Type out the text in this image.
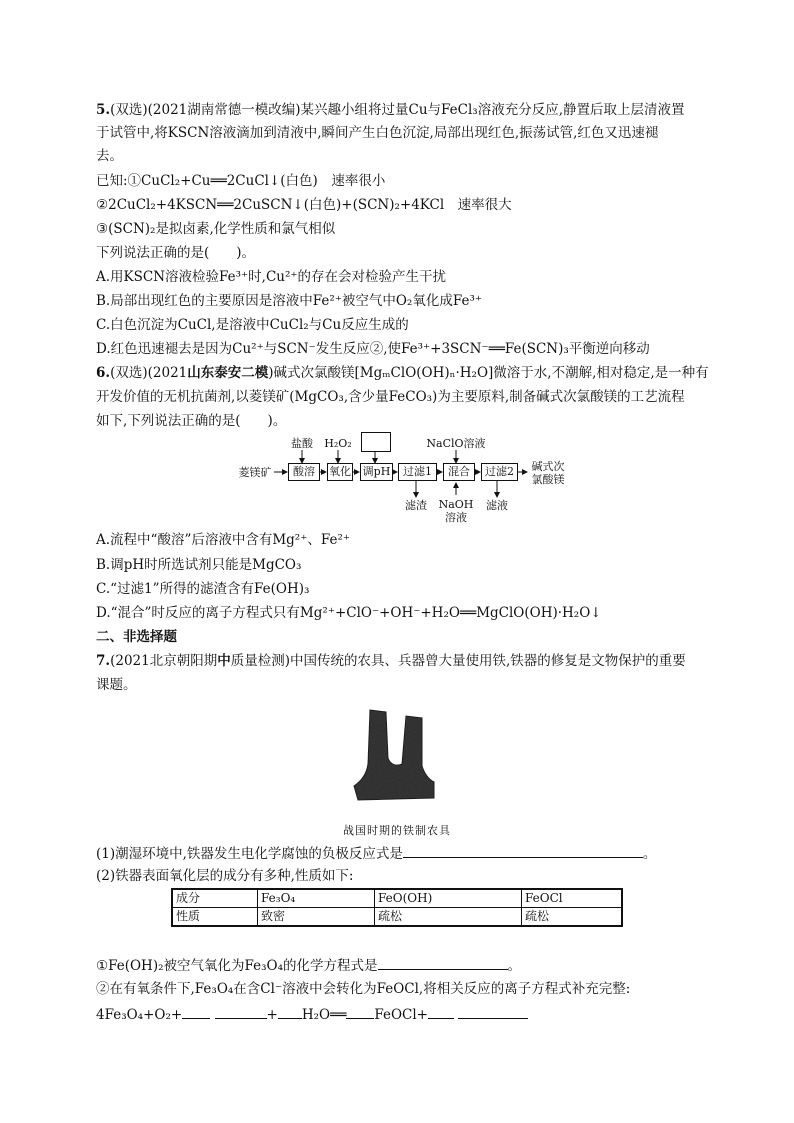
5.(双选)(2021湖南常德一模改编)某兴趣小组将过量Cu与FeCl₃溶液充分反应,静置后取上层清液置
于试管中,将KSCN溶液滴加到清液中,瞬间产生白色沉淀,局部出现红色,振荡试管,红色又迅速褪
去。
已知:①CuCl₂+Cu══2CuCl↓(白色)　速率很小
②2CuCl₂+4KSCN══2CuSCN↓(白色)+(SCN)₂+4KCl　速率很大
③(SCN)₂是拟卤素,化学性质和氯气相似
下列说法正确的是(　　)。
A.用KSCN溶液检验Fe³⁺时,Cu²⁺的存在会对检验产生干扰
B.局部出现红色的主要原因是溶液中Fe²⁺被空气中O₂氧化成Fe³⁺
C.白色沉淀为CuCl,是溶液中CuCl₂与Cu反应生成的
D.红色迅速褪去是因为Cu²⁺与SCN⁻发生反应②,使Fe³⁺+3SCN⁻══Fe(SCN)₃平衡逆向移动
6.(双选)(2021山东泰安二模)碱式次氯酸镁[MgₘClO(OH)ₙ·H₂O]微溶于水,不潮解,相对稳定,是一种有
开发价值的无机抗菌剂,以菱镁矿(MgCO₃,含少量FeCO₃)为主要原料,制备碱式次氯酸镁的工艺流程
如下,下列说法正确的是(　　)。
菱镁矿
盐酸 H₂O₂	NaClO溶液
酸溶	氧化 调pH	过滤1	混合	过滤2	碱式次
氯酸镁
滤渣	NaOH
溶液
滤液
A.流程中“酸溶”后溶液中含有Mg²⁺、Fe²⁺
B.调pH时所选试剂只能是MgCO₃
C.“过滤1”所得的滤渣含有Fe(OH)₃
D.“混合”时反应的离子方程式只有Mg²⁺+ClO⁻+OH⁻+H₂O══MgClO(OH)·H₂O↓
二、非选择题
7.(2021北京朝阳期中质量检测)中国传统的农具、兵器曾大量使用铁,铁器的修复是文物保护的重要
课题。
战国时期的铁制农具
(1)潮湿环境中,铁器发生电化学腐蚀的负极反应式是	。
(2)铁器表面氧化层的成分有多种,性质如下:
成分	Fe₃O₄	FeO(OH)	FeOCl
性质	致密	疏松	疏松
①Fe(OH)₂被空气氧化为Fe₃O₄的化学方程式是	。
②在有氧条件下,Fe₃O₄在含Cl⁻溶液中会转化为FeOCl,将相关反应的离子方程式补充完整:
4Fe₃O₄+O₂+	+ H₂O══ FeOCl+
